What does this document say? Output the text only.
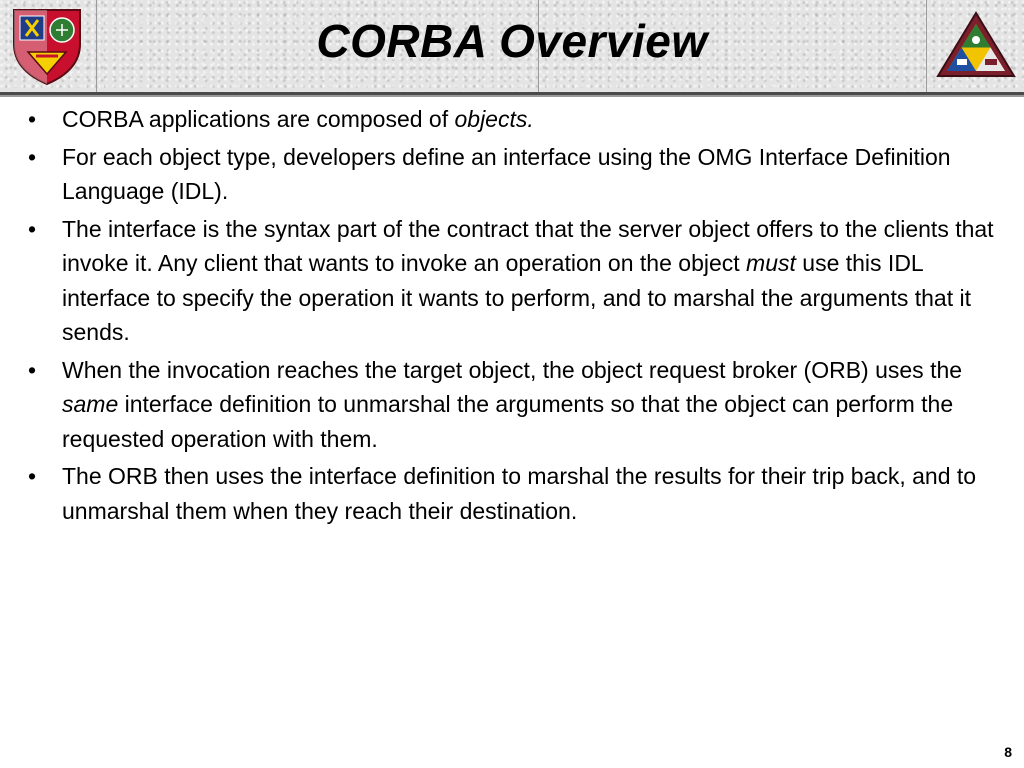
CORBA Overview
• CORBA applications are composed of objects.
• For each object type, developers define an interface using the OMG Interface Definition Language (IDL).
• The interface is the syntax part of the contract that the server object offers to the clients that invoke it. Any client that wants to invoke an operation on the object must use this IDL interface to specify the operation it wants to perform, and to marshal the arguments that it sends.
• When the invocation reaches the target object, the object request broker (ORB) uses the same interface definition to unmarshal the arguments so that the object can perform the requested operation with them.
• The ORB then uses the interface definition to marshal the results for their trip back, and to unmarshal them when they reach their destination.
8
